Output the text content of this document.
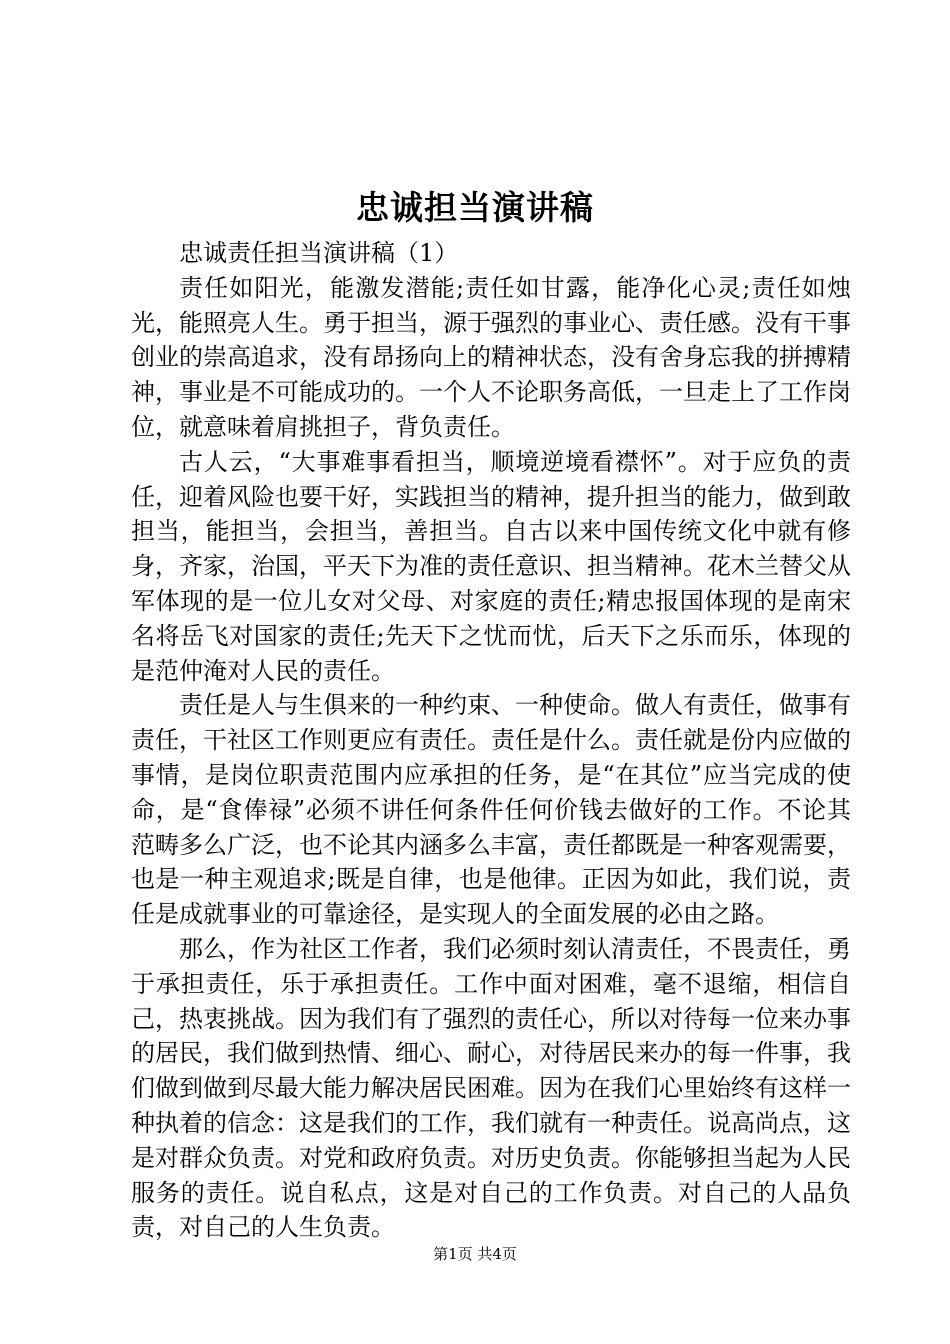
忠诚担当演讲稿

忠诚责任担当演讲稿（1）

责任如阳光，能激发潜能;责任如甘露，能净化心灵;责任如烛光，能照亮人生。勇于担当，源于强烈的事业心、责任感。没有干事创业的崇高追求，没有昂扬向上的精神状态，没有舍身忘我的拼搏精神，事业是不可能成功的。一个人不论职务高低，一旦走上了工作岗位，就意味着肩挑担子，背负责任。

古人云，“大事难事看担当，顺境逆境看襟怀”。对于应负的责任，迎着风险也要干好，实践担当的精神，提升担当的能力，做到敢担当，能担当，会担当，善担当。自古以来中国传统文化中就有修身，齐家，治国，平天下为准的责任意识、担当精神。花木兰替父从军体现的是一位儿女对父母、对家庭的责任;精忠报国体现的是南宋名将岳飞对国家的责任;先天下之忧而忧，后天下之乐而乐，体现的是范仲淹对人民的责任。

责任是人与生俱来的一种约束、一种使命。做人有责任，做事有责任，干社区工作则更应有责任。责任是什么。责任就是份内应做的事情，是岗位职责范围内应承担的任务，是“在其位”应当完成的使命，是“食俸禄”必须不讲任何条件任何价钱去做好的工作。不论其范畴多么广泛，也不论其内涵多么丰富，责任都既是一种客观需要，也是一种主观追求;既是自律，也是他律。正因为如此，我们说，责任是成就事业的可靠途径，是实现人的全面发展的必由之路。

那么，作为社区工作者，我们必须时刻认清责任，不畏责任，勇于承担责任，乐于承担责任。工作中面对困难，毫不退缩，相信自己，热衷挑战。因为我们有了强烈的责任心，所以对待每一位来办事的居民，我们做到热情、细心、耐心，对待居民来办的每一件事，我们做到做到尽最大能力解决居民困难。因为在我们心里始终有这样一种执着的信念：这是我们的工作，我们就有一种责任。说高尚点，这是对群众负责。对党和政府负责。对历史负责。你能够担当起为人民服务的责任。说自私点，这是对自己的工作负责。对自己的人品负责，对自己的人生负责。

第1页 共4页
